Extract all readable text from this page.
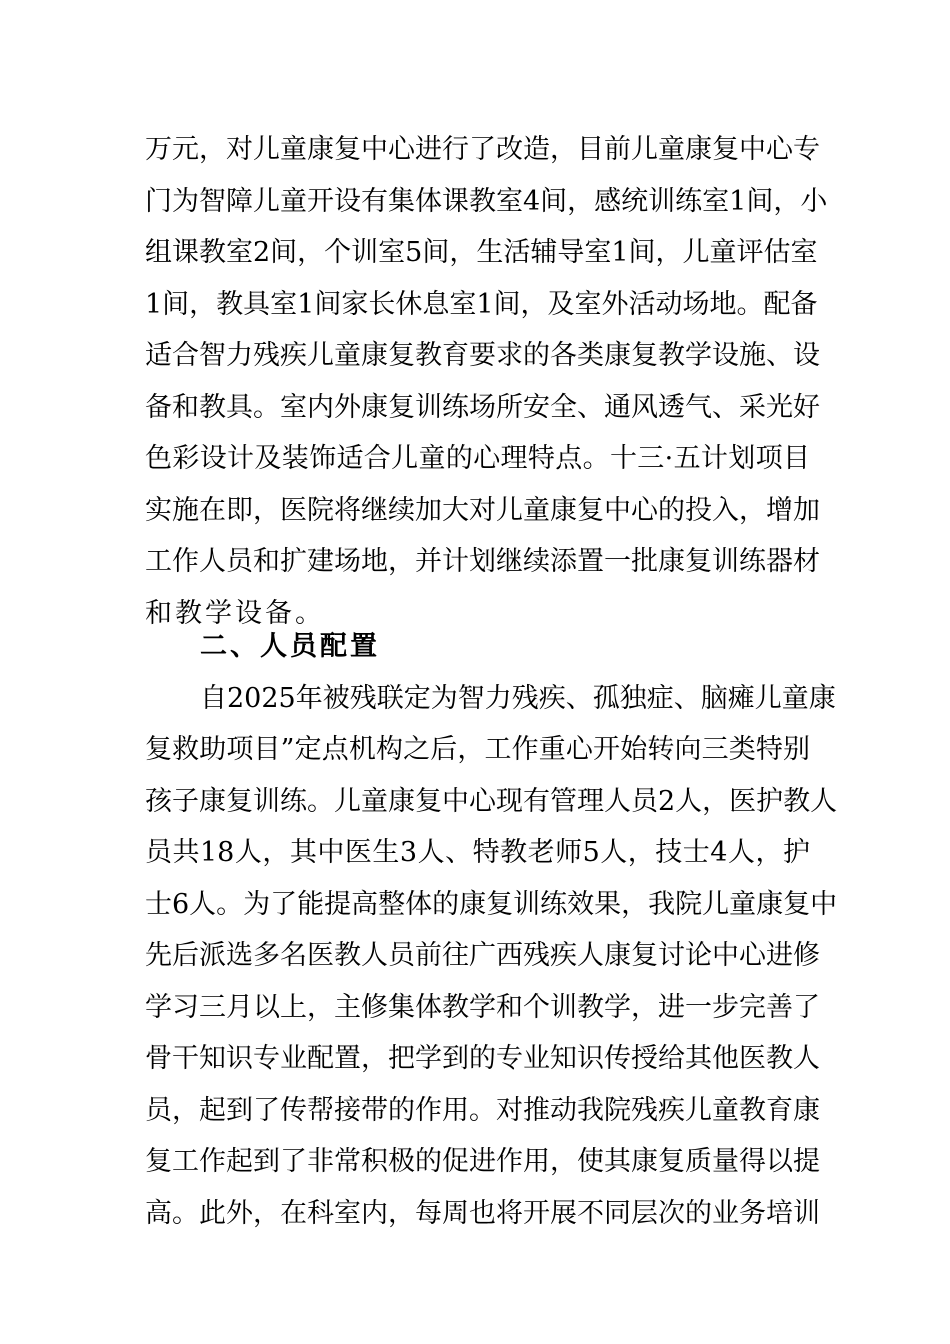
万元，对儿童康复中心进行了改造，目前儿童康复中心专
门为智障儿童开设有集体课教室4间，感统训练室1间，小
组课教室2间，个训室5间，生活辅导室1间，儿童评估室
1间，教具室1间家长休息室1间，及室外活动场地。配备
适合智力残疾儿童康复教育要求的各类康复教学设施、设
备和教具。室内外康复训练场所安全、通风透气、采光好
色彩设计及装饰适合儿童的心理特点。十三·五计划项目
实施在即，医院将继续加大对儿童康复中心的投入，增加
工作人员和扩建场地，并计划继续添置一批康复训练器材
和教学设备。
二、人员配置
自2025年被残联定为智力残疾、孤独症、脑瘫儿童康
复救助项目”定点机构之后，工作重心开始转向三类特别
孩子康复训练。儿童康复中心现有管理人员2人，医护教人
员共18人，其中医生3人、特教老师5人，技士4人，护
士6人。为了能提高整体的康复训练效果，我院儿童康复中
先后派选多名医教人员前往广西残疾人康复讨论中心进修
学习三月以上，主修集体教学和个训教学，进一步完善了
骨干知识专业配置，把学到的专业知识传授给其他医教人
员，起到了传帮接带的作用。对推动我院残疾儿童教育康
复工作起到了非常积极的促进作用，使其康复质量得以提
高。此外，在科室内，每周也将开展不同层次的业务培训
